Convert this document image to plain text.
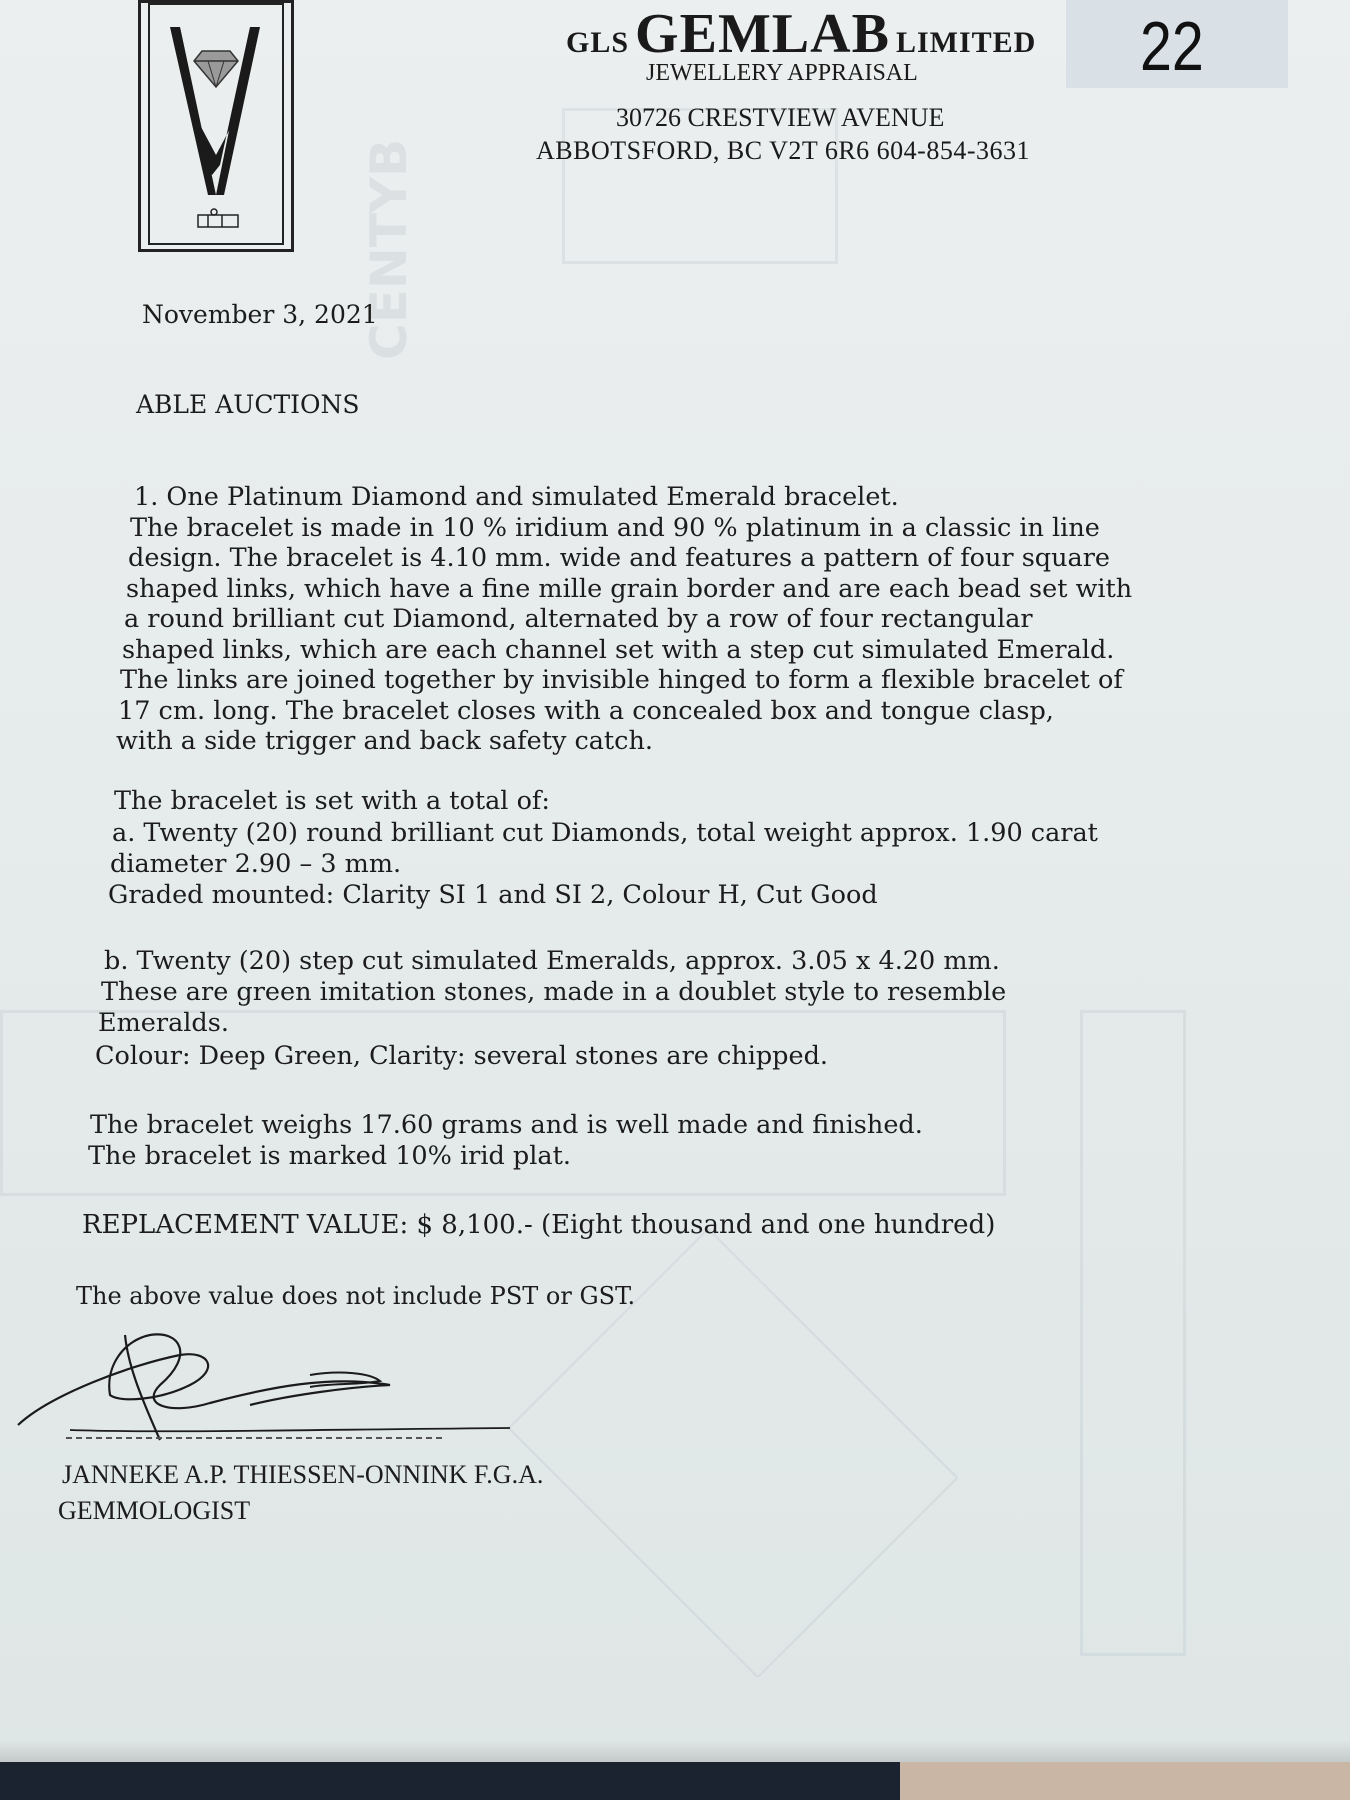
CENTYB
GLS GEMLAB LIMITED
JEWELLERY APPRAISAL
30726 CRESTVIEW AVENUE
ABBOTSFORD, BC V2T 6R6 604-854-3631
22
November 3, 2021
ABLE AUCTIONS
1. One Platinum Diamond and simulated Emerald bracelet.
The bracelet is made in 10 % iridium and 90 % platinum in a classic in line
design. The bracelet is 4.10 mm. wide and features a pattern of four square
shaped links, which have a fine mille grain border and are each bead set with
a round brilliant cut Diamond, alternated by a row of four rectangular
shaped links, which are each channel set with a step cut simulated Emerald.
The links are joined together by invisible hinged to form a flexible bracelet of
17 cm. long. The bracelet closes with a concealed box and tongue clasp,
with a side trigger and back safety catch.
The bracelet is set with a total of:
a. Twenty (20) round brilliant cut Diamonds, total weight approx. 1.90 carat
diameter 2.90 – 3 mm.
Graded mounted: Clarity SI 1 and SI 2, Colour H, Cut Good
b. Twenty (20) step cut simulated Emeralds, approx. 3.05 x 4.20 mm.
These are green imitation stones, made in a doublet style to resemble
Emeralds.
Colour: Deep Green, Clarity: several stones are chipped.
The bracelet weighs 17.60 grams and is well made and finished.
The bracelet is marked 10% irid plat.
REPLACEMENT VALUE: $ 8,100.- (Eight thousand and one hundred)
The above value does not include PST or GST.
JANNEKE A.P. THIESSEN-ONNINK F.G.A.
GEMMOLOGIST
